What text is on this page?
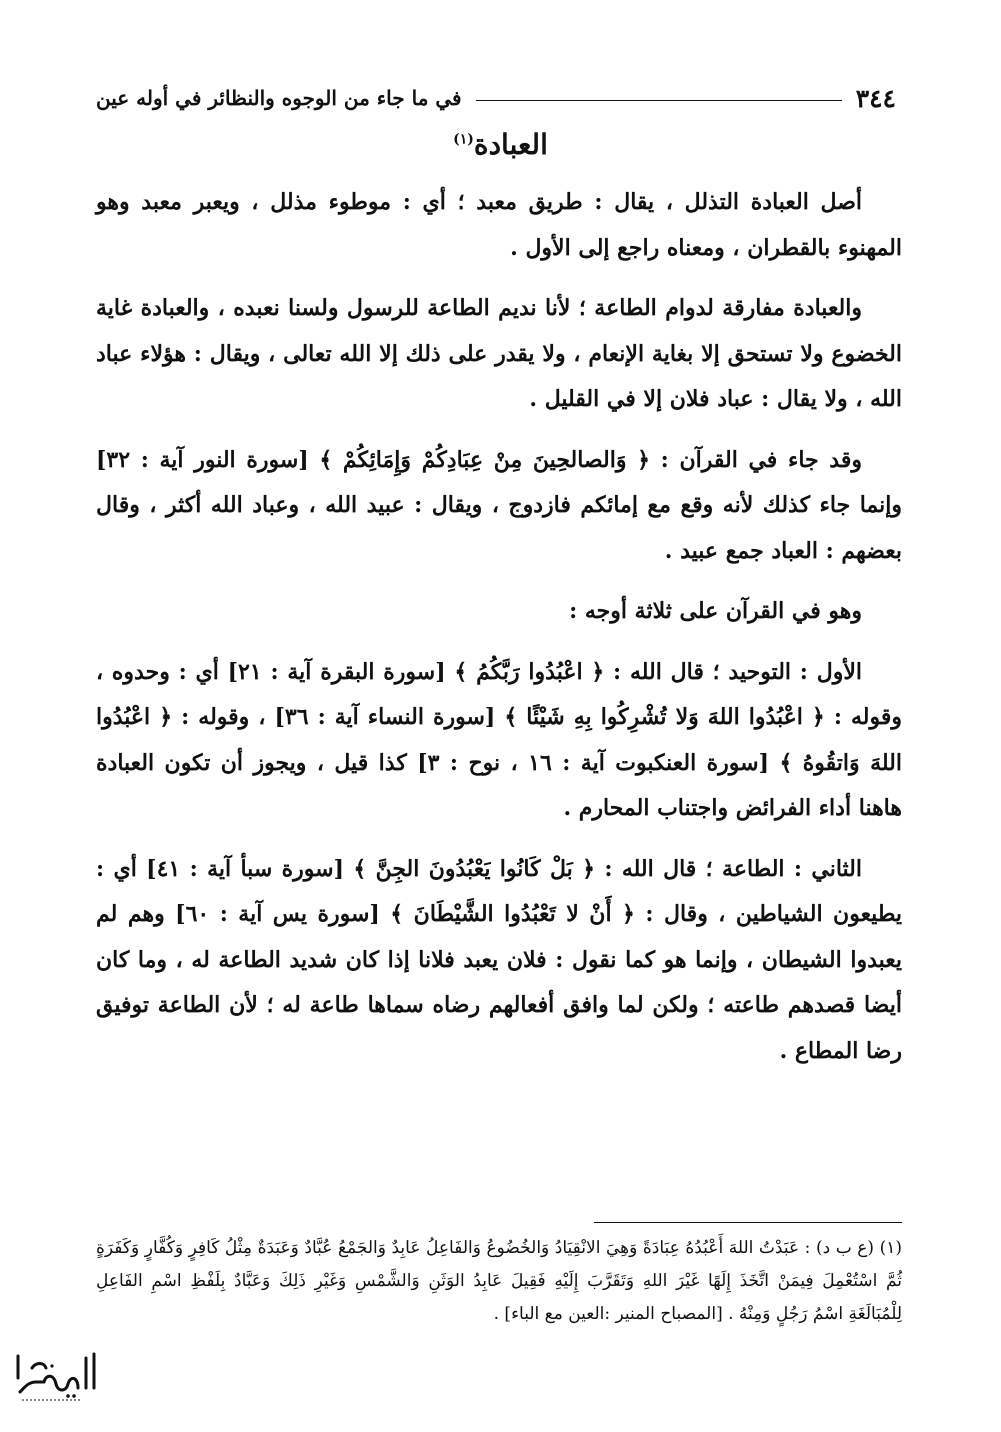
٣٤٤
في ما جاء من الوجوه والنظائر في أوله عين
العبادة$^{(١)}$

أصل العبادة التذلل ، يقال : طريق معبد ؛ أي : موطوء مذلل ، ويعبر معبد وهو المهنوء بالقطران ، ومعناه راجع إلى الأول .

والعبادة مفارقة لدوام الطاعة ؛ لأنا نديم الطاعة للرسول ولسنا نعبده ، والعبادة غاية الخضوع ولا تستحق إلا بغاية الإنعام ، ولا يقدر على ذلك إلا الله تعالى ، ويقال : هؤلاء عباد الله ، ولا يقال : عباد فلان إلا في القليل .

وقد جاء في القرآن : ﴿ وَالصالحِينَ مِنْ عِبَادِكُمْ وَإِمَائِكُمْ ﴾ [سورة النور آية : ٣٢] وإنما جاء كذلك لأنه وقع مع إمائكم فازدوج ، ويقال : عبيد الله ، وعباد الله أكثر ، وقال بعضهم : العباد جمع عبيد .

وهو في القرآن على ثلاثة أوجه :

الأول : التوحيد ؛ قال الله : ﴿ اعْبُدُوا رَبَّكُمُ ﴾ [سورة البقرة آية : ٢١] أي : وحدوه ، وقوله : ﴿ اعْبُدُوا اللهَ وَلا تُشْرِكُوا بِهِ شَيْئًا ﴾ [سورة النساء آية : ٣٦] ، وقوله : ﴿ اعْبُدُوا اللهَ وَاتقُوهُ ﴾ [سورة العنكبوت آية : ١٦ ، نوح : ٣] كذا قيل ، ويجوز أن تكون العبادة هاهنا أداء الفرائض واجتناب المحارم .

الثاني : الطاعة ؛ قال الله : ﴿ بَلْ كَانُوا يَعْبُدُونَ الجِنَّ ﴾ [سورة سبأ آية : ٤١] أي : يطيعون الشياطين ، وقال : ﴿ أَنْ لا تَعْبُدُوا الشَّيْطَانَ ﴾ [سورة يس آية : ٦٠] وهم لم يعبدوا الشيطان ، وإنما هو كما نقول : فلان يعبد فلانا إذا كان شديد الطاعة له ، وما كان أيضا قصدهم طاعته ؛ ولكن لما وافق أفعالهم رضاه سماها طاعة له ؛ لأن الطاعة توفيق رضا المطاع .

(١) (ع ب د) : عَبَدْتُ اللهَ أَعْبُدُهُ عِبَادَةً وَهِيَ الانْقِيَادُ وَالخُضُوعُ وَالفَاعِلُ عَابِدٌ وَالجَمْعُ عُبَّادٌ وَعَبَدَةٌ مِثْلُ كَافِرٍ وَكُفَّارٍ وَكَفَرَةٍ ثُمَّ اسْتُعْمِلَ فِيمَنْ اتَّخَذَ إِلَهًا غَيْرَ اللهِ وَتَقَرَّبَ إِلَيْهِ فَقِيلَ عَابِدُ الوَثَنِ وَالشَّمْسِ وَغَيْرِ ذَلِكَ وَعَبَّادٌ بِلَفْظِ اسْمِ الفَاعِلِ لِلْمُبَالَغَةِ اسْمُ رَجُلٍ وَمِنْهُ . [المصباح المنير :العين مع الباء] .
